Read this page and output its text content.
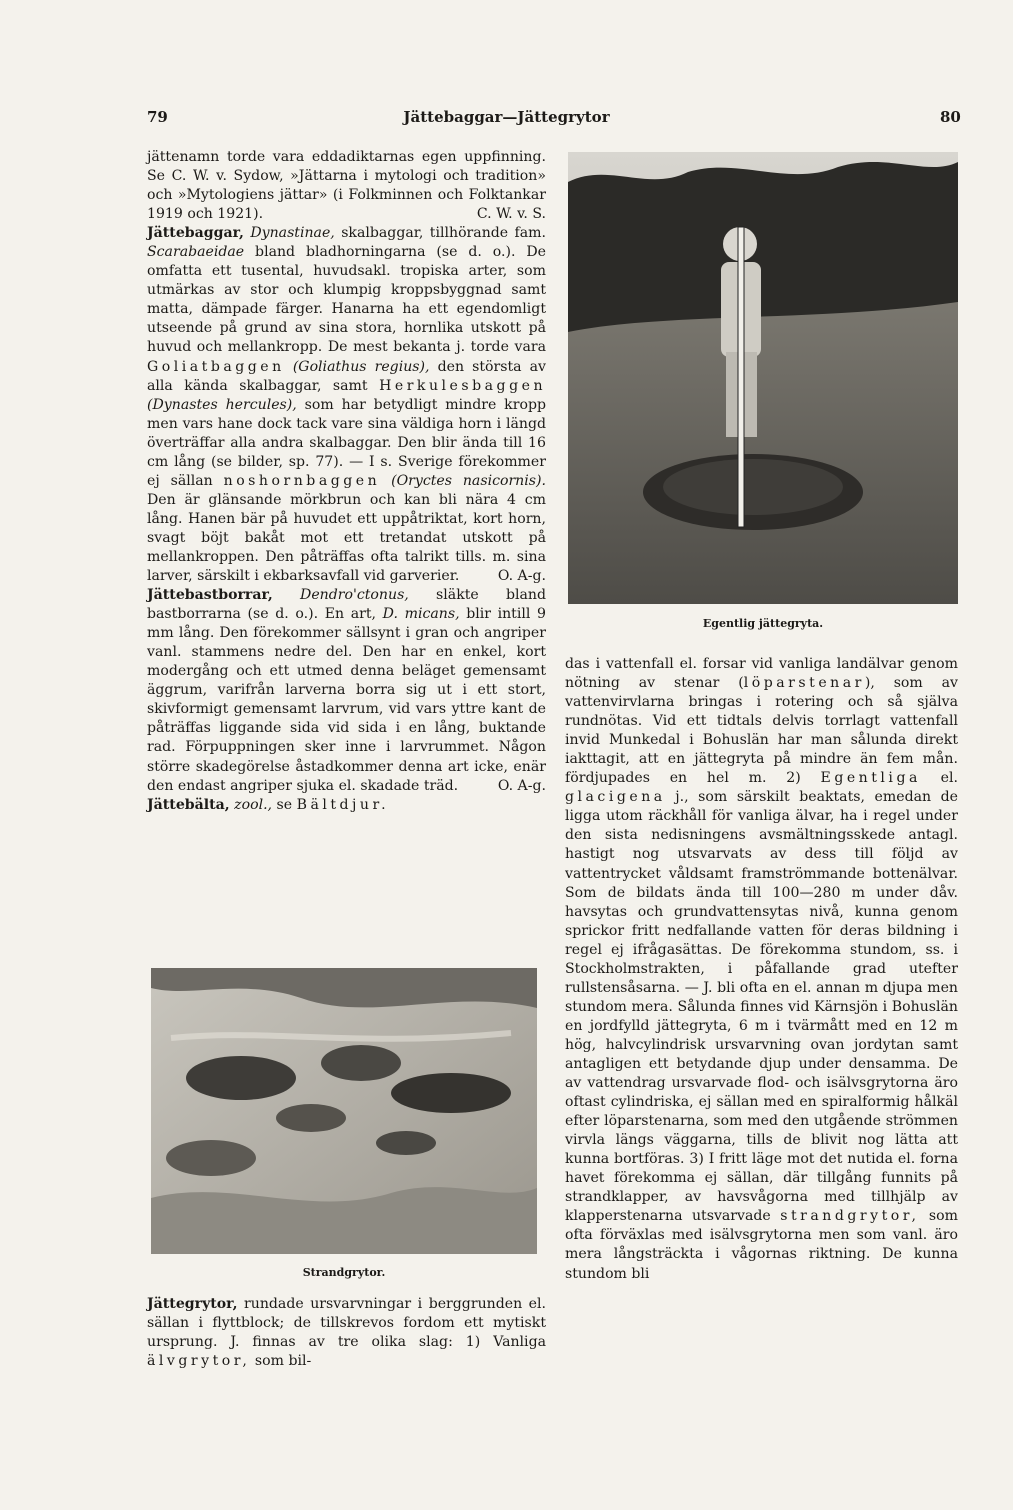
79	Jättebaggar—Jättegrytor	80

jättenamn torde vara eddadiktarnas egen uppfinning. Se C. W. v. Sydow, »Jättarna i mytologi och tradition» och »Mytologiens jättar» (i Folkminnen och Folktankar 1919 och 1921).	C. W. v. S.

Jättebaggar, Dynastinae, skalbaggar, tillhörande fam. Scarabaeidae bland bladhorningarna (se d. o.). De omfatta ett tusental, huvudsakl. tropiska arter, som utmärkas av stor och klumpig kroppsbyggnad samt matta, dämpade färger. Hanarna ha ett egendomligt utseende på grund av sina stora, hornlika utskott på huvud och mellankropp. De mest bekanta j. torde vara Goliatbaggen (Goliathus regius), den största av alla kända skalbaggar, samt Herkulesbaggen (Dynastes hercules), som har betydligt mindre kropp men vars hane dock tack vare sina väldiga horn i längd överträffar alla andra skalbaggar. Den blir ända till 16 cm lång (se bilder, sp. 77). — I s. Sverige förekommer ej sällan noshornbaggen (Oryctes nasicornis). Den är glänsande mörkbrun och kan bli nära 4 cm lång. Hanen bär på huvudet ett uppåtriktat, kort horn, svagt böjt bakåt mot ett tretandat utskott på mellankroppen. Den påträffas ofta talrikt tills. m. sina larver, särskilt i ekbarksavfall vid garverier.	O. A-g.

Jättebastborrar, Dendro'ctonus, släkte bland bastborrarna (se d. o.). En art, D. micans, blir intill 9 mm lång. Den förekommer sällsynt i gran och angriper vanl. stammens nedre del. Den har en enkel, kort modergång och ett utmed denna beläget gemensamt äggrum, varifrån larverna borra sig ut i ett stort, skivformigt gemensamt larvrum, vid vars yttre kant de påträffas liggande sida vid sida i en lång, buktande rad. Förpuppningen sker inne i larvrummet. Någon större skadegörelse åstadkommer denna art icke, enär den endast angriper sjuka el. skadade träd.	O. A-g.

Jättebälta, zool., se Bältdjur.

Strandgrytor.

Jättegrytor, rundade ursvarvningar i berggrunden el. sällan i flyttblock; de tillskrevos fordom ett mytiskt ursprung. J. finnas av tre olika slag: 1) Vanliga älvgrytor, som bil-

Egentlig jättegryta.

das i vattenfall el. forsar vid vanliga landälvar genom nötning av stenar (löparstenar), som av vattenvirvlarna bringas i rotering och så själva rundnötas. Vid ett tidtals delvis torrlagt vattenfall invid Munkedal i Bohuslän har man sålunda direkt iakttagit, att en jättegryta på mindre än fem mån. fördjupades en hel m. 2) Egentliga el. glacigena j., som särskilt beaktats, emedan de ligga utom räckhåll för vanliga älvar, ha i regel under den sista nedisningens avsmältningsskede antagl. hastigt nog utsvarvats av dess till följd av vattentrycket våldsamt framströmmande bottenälvar. Som de bildats ända till 100—280 m under dåv. havsytas och grundvattensytas nivå, kunna genom sprickor fritt nedfallande vatten för deras bildning i regel ej ifrågasättas. De förekomma stundom, ss. i Stockholmstrakten, i påfallande grad utefter rullstensåsarna. — J. bli ofta en el. annan m djupa men stundom mera. Sålunda finnes vid Kärnsjön i Bohuslän en jordfylld jättegryta, 6 m i tvärmått med en 12 m hög, halvcylindrisk ursvarvning ovan jordytan samt antagligen ett betydande djup under densamma. De av vattendrag ursvarvade flod- och isälvsgrytorna äro oftast cylindriska, ej sällan med en spiralformig hålkäl efter löparstenarna, som med den utgående strömmen virvla längs väggarna, tills de blivit nog lätta att kunna bortföras. 3) I fritt läge mot det nutida el. forna havet förekomma ej sällan, där tillgång funnits på strandklapper, av havsvågorna med tillhjälp av klapperstenarna utsvarvade strandgrytor, som ofta förväxlas med isälvsgrytorna men som vanl. äro mera långsträckta i vågornas riktning. De kunna stundom bli
